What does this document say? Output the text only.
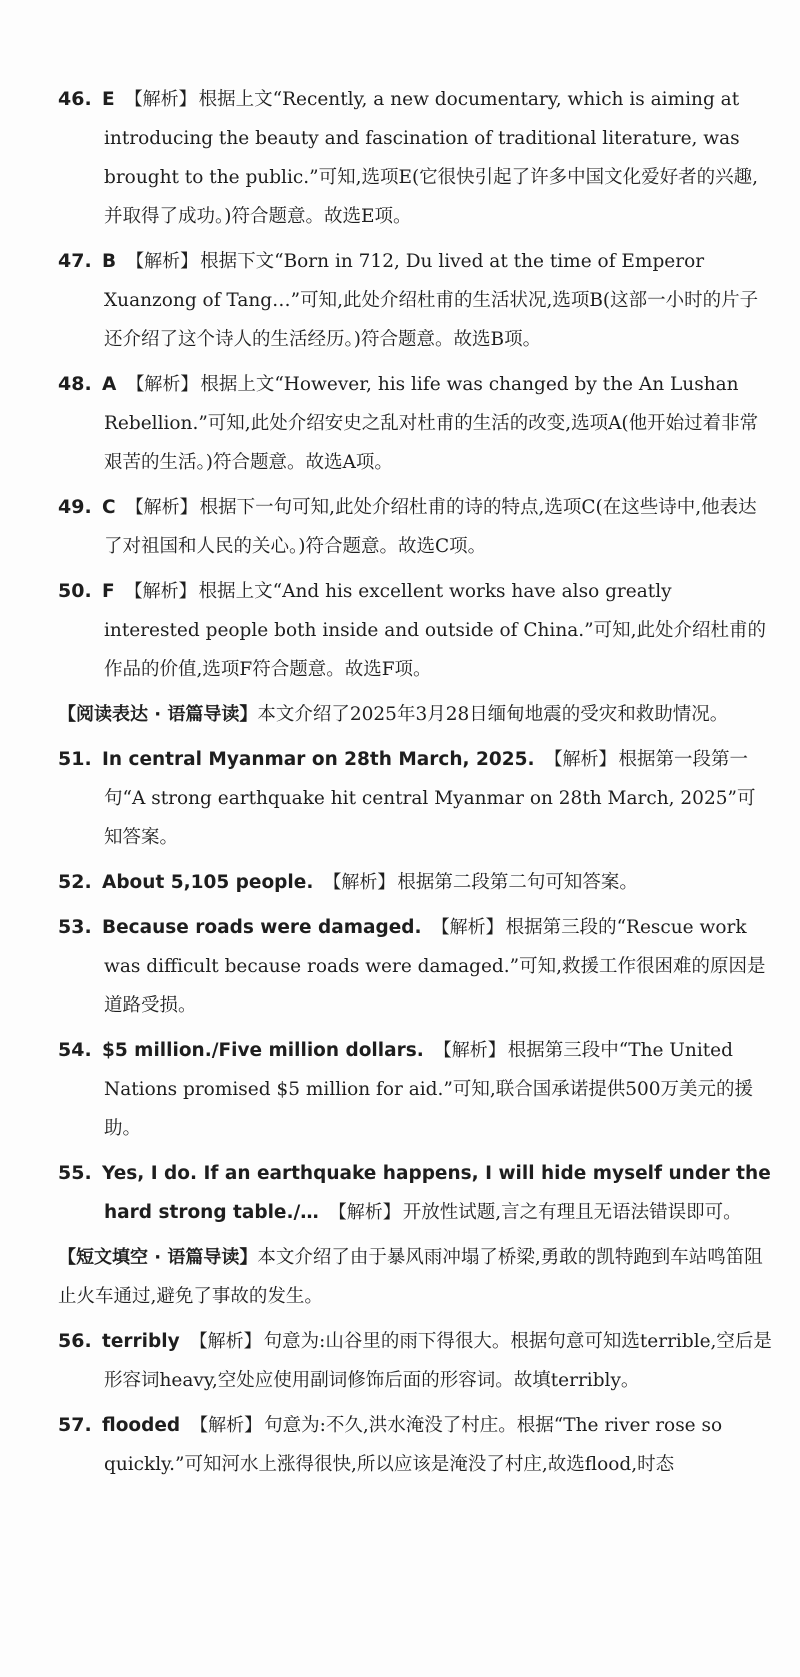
46. E 【解析】 根据上文“Recently, a new documentary, which is aiming at introducing the beauty and fascination of traditional literature, was brought to the public.”可知,选项E(它很快引起了许多中国文化爱好者的兴趣,并取得了成功。)符合题意。故选E项。
47. B 【解析】 根据下文“Born in 712, Du lived at the time of Emperor Xuanzong of Tang…”可知,此处介绍杜甫的生活状况,选项B(这部一小时的片子还介绍了这个诗人的生活经历。)符合题意。故选B项。
48. A 【解析】 根据上文“However, his life was changed by the An Lushan Rebellion.”可知,此处介绍安史之乱对杜甫的生活的改变,选项A(他开始过着非常艰苦的生活。)符合题意。故选A项。
49. C 【解析】 根据下一句可知,此处介绍杜甫的诗的特点,选项C(在这些诗中,他表达了对祖国和人民的关心。)符合题意。故选C项。
50. F 【解析】 根据上文“And his excellent works have also greatly interested people both inside and outside of China.”可知,此处介绍杜甫的作品的价值,选项F符合题意。故选F项。
【阅读表达 · 语篇导读】本文介绍了2025年3月28日缅甸地震的受灾和救助情况。
51. In central Myanmar on 28th March, 2025. 【解析】 根据第一段第一句“A strong earthquake hit central Myanmar on 28th March, 2025”可知答案。
52. About 5,105 people. 【解析】 根据第二段第二句可知答案。
53. Because roads were damaged. 【解析】 根据第三段的“Rescue work was difficult because roads were damaged.”可知,救援工作很困难的原因是道路受损。
54. $5 million./Five million dollars. 【解析】 根据第三段中“The United Nations promised $5 million for aid.”可知,联合国承诺提供500万美元的援助。
55. Yes, I do. If an earthquake happens, I will hide myself under the hard strong table./… 【解析】 开放性试题,言之有理且无语法错误即可。
【短文填空 · 语篇导读】本文介绍了由于暴风雨冲塌了桥梁,勇敢的凯特跑到车站鸣笛阻止火车通过,避免了事故的发生。
56. terribly 【解析】 句意为:山谷里的雨下得很大。根据句意可知选terrible,空后是形容词heavy,空处应使用副词修饰后面的形容词。故填terribly。
57. flooded 【解析】 句意为:不久,洪水淹没了村庄。根据“The river rose so quickly.”可知河水上涨得很快,所以应该是淹没了村庄,故选flood,时态
